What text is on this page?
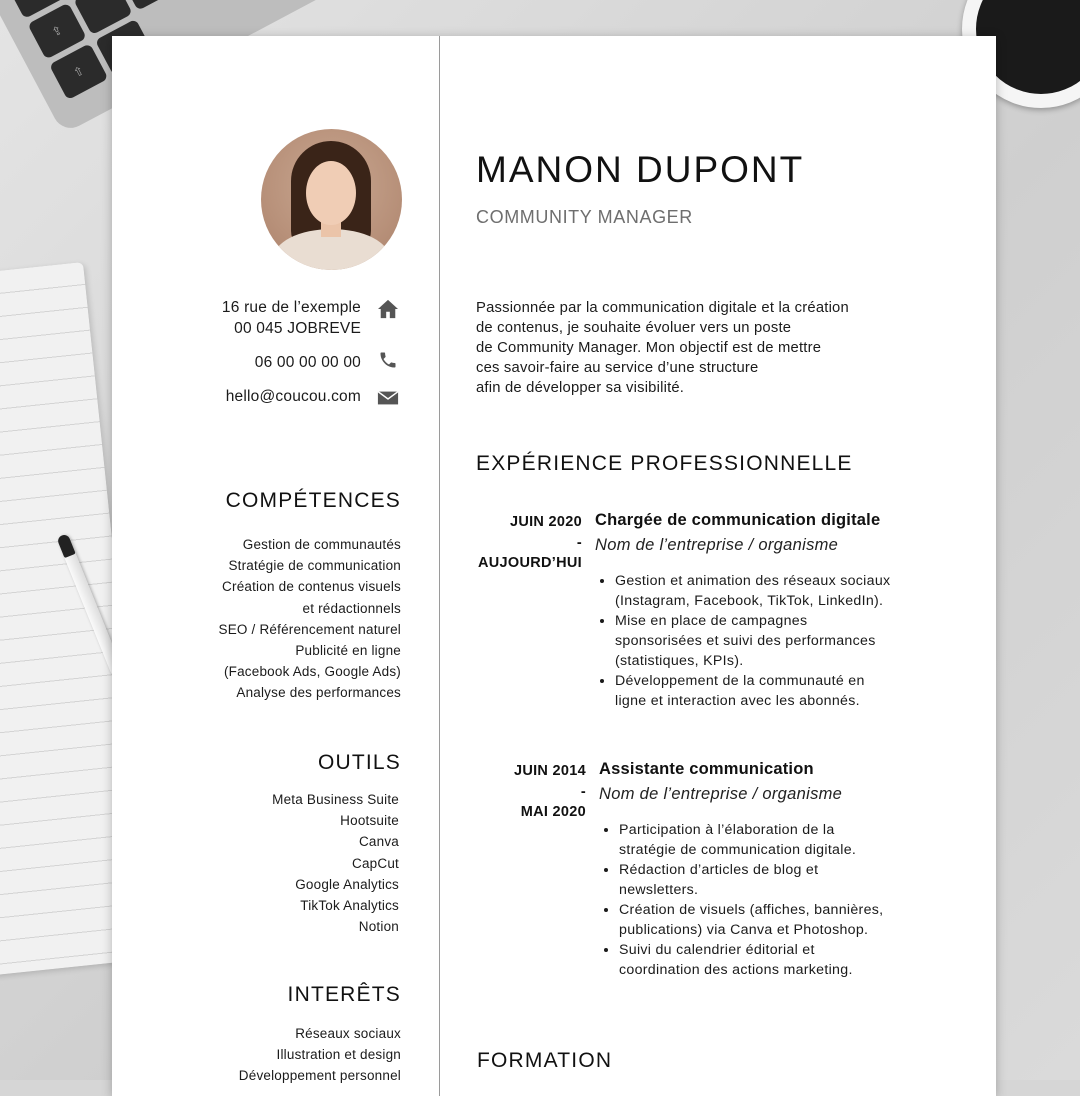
⇪
⇧
16 rue de l’exemple
00 045 JOBREVE
06 00 00 00 00
hello@coucou.com
COMPÉTENCES
Gestion de communautés
Stratégie de communication
Création de contenus visuels
et rédactionnels
SEO / Référencement naturel
Publicité en ligne
(Facebook Ads, Google Ads)
Analyse des performances
OUTILS
Meta Business Suite
Hootsuite
Canva
CapCut
Google Analytics
TikTok Analytics
Notion
INTERÊTS
Réseaux sociaux
Illustration et design
Développement personnel
MANON DUPONT
COMMUNITY MANAGER
Passionnée par la communication digitale et la création
de contenus, je souhaite évoluer vers un poste
de Community Manager. Mon objectif est de mettre
ces savoir-faire au service d’une structure
afin de développer sa visibilité.
EXPÉRIENCE PROFESSIONNELLE
JUIN 2020
-
AUJOURD’HUI
Chargée de communication digitale
Nom de l’entreprise / organisme
• Gestion et animation des réseaux sociaux
(Instagram, Facebook, TikTok, LinkedIn).
• Mise en place de campagnes
sponsorisées et suivi des performances
(statistiques, KPIs).
• Développement de la communauté en
ligne et interaction avec les abonnés.
JUIN 2014
-
MAI 2020
Assistante communication
Nom de l’entreprise / organisme
• Participation à l’élaboration de la
stratégie de communication digitale.
• Rédaction d’articles de blog et
newsletters.
• Création de visuels (affiches, bannières,
publications) via Canva et Photoshop.
• Suivi du calendrier éditorial et
coordination des actions marketing.
FORMATION
